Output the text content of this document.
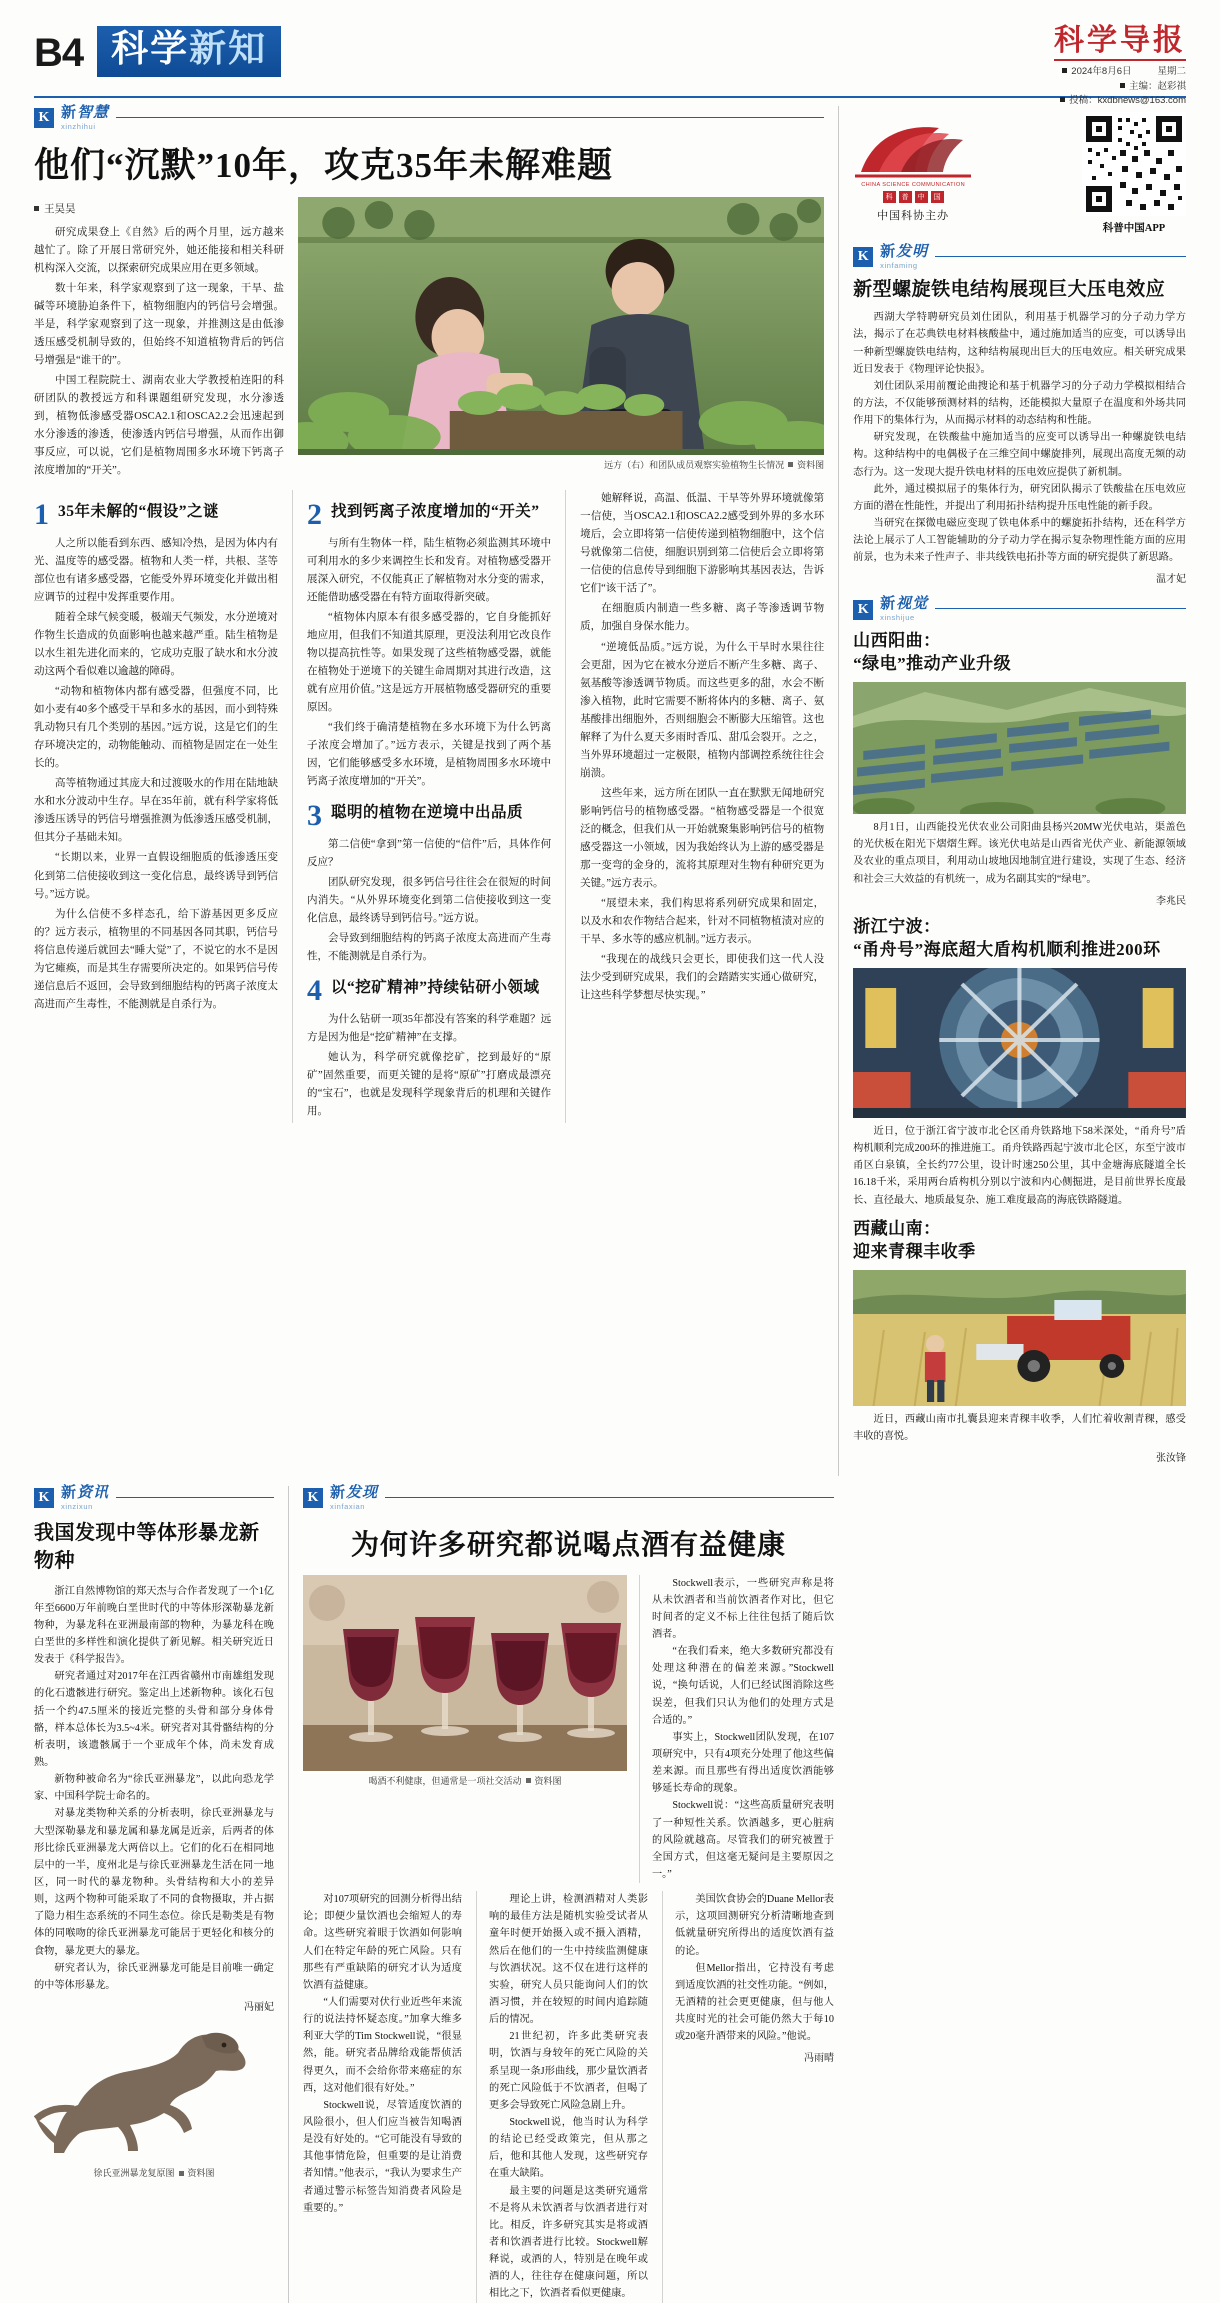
B4 科学新知	科学导报
2024年8月6日	星期二
主编：赵彩祺
投稿：kxdbnews@163.com
K 新智慧
xinzhihui
他们“沉默”10年，攻克35年未解难题
王昊昊

研究成果登上《自然》后的两个月里，远方越来越忙了。除了开展日常研究外，她还能接和相关科研机构深入交流，以探索研究成果应用在更多领域。

数十年来，科学家观察到了这一现象，干旱、盐碱等环境胁迫条件下，植物细胞内的钙信号会增强。半是，科学家观察到了这一现象，并推测这是由低渗透压感受机制导致的，但始终不知道植物背后的钙信号增强是“谁干的”。

中国工程院院士、湖南农业大学教授柏连阳的科研团队的教授远方和科课题组研究发现，水分渗透到，植物低渗感受器OSCA2.1和OSCA2.2会迅速起到水分渗透的渗透，使渗透内钙信号增强，从而作出御事反应，可以说，它们是植物周围多水环境下钙离子浓度增加的“开关”。

远方（右）和团队成员观察实验植物生长情况 资料图
1 35年未解的“假设”之谜

人之所以能看到东西、感知冷热，是因为体内有光、温度等的感受器。植物和人类一样，共根、茎等部位也有诸多感受器，它能受外界环境变化并做出相应调节的过程中发挥重要作用。

随着全球气候变暖，极端天气频发，水分逆境对作物生长造成的负面影响也越来越严重。陆生植物是以水生祖先进化而来的，它成功克服了缺水和水分波动这两个看似难以逾越的障碍。

“动物和植物体内都有感受器，但强度不同，比如小麦有40多个感受干旱和多水的基因，而小到特殊乳动物只有几个类别的基因。”远方说，这是它们的生存环境决定的，动物能触动、而植物是固定在一处生长的。

高等植物通过其庞大和过渡吸水的作用在陆地缺水和水分波动中生存。早在35年前，就有科学家将低渗透压诱导的钙信号增强推测为低渗透压感受机制，但其分子基础未知。

“长期以来，业界一直假设细胞质的低渗透压变化到第二信使接收到这一变化信息，最终诱导到钙信号。”远方说。

为什么信使不多样态孔，给下游基因更多反应的？远方表示，植物里的不同基因各同其职，钙信号将信息传递后就回去“睡大觉”了，不说它的水不是因为它瘫痪，而是其生存需要所决定的。如果钙信号传递信息后不返回，会导致到细胞结构的钙离子浓度太高进而产生毒性，不能测就是自杀行为。

2 找到钙离子浓度增加的“开关”

与所有生物体一样，陆生植物必须监测其环境中可利用水的多少来调控生长和发育。对植物感受器开展深入研究，不仅能真正了解植物对水分变的需求，还能借助感受器在有特方面取得新突破。

“植物体内原本有很多感受器的，它自身能抓好地应用，但我们不知道其原理，更没法利用它改良作物以提高抗性等。如果发现了这些植物感受器，就能在植物处于逆境下的关键生命周期对其进行改造，这就有应用价值。”这是远方开展植物感受器研究的重要原因。

“我们终于确清楚植物在多水环境下为什么钙离子浓度会增加了。”远方表示，关键是找到了两个基因，它们能够感受多水环境，是植物周围多水环境中钙离子浓度增加的“开关”。

3 聪明的植物在逆境中出品质

第二信使“拿到”第一信使的“信件”后，具体作何反应？

团队研究发现，很多钙信号往往会在很短的时间内消失。“从外界环境变化到第二信使接收到这一变化信息，最终诱导到钙信号。”远方说。

会导致到细胞结构的钙离子浓度太高进而产生毒性，不能测就是自杀行为。

4 以“挖矿精神”持续钻研小领域

为什么钻研一项35年都没有答案的科学难题？远方是因为他是“挖矿精神”在支撑。

她认为，科学研究就像挖矿，挖到最好的“原矿”固然重要，而更关键的是将“原矿”打磨成最漂亮的“宝石”，也就是发现科学现象背后的机理和关键作用。

她解释说，高温、低温、干旱等外界环境就像第一信使，当OSCA2.1和OSCA2.2感受到外界的多水环境后，会立即将第一信使传递到植物细胞中，这个信号就像第二信使，细胞识别到第二信使后会立即将第一信使的信息传导到细胞下游影响其基因表达，告诉它们“该干活了”。

在细胞质内制造一些多糖、离子等渗透调节物质，加强自身保水能力。

“逆境低品质。”远方说，为什么干旱时水果往往会更甜，因为它在被水分逆后不断产生多糖、离子、氨基酸等渗透调节物质。而这些更多的甜，水会不断渗入植物，此时它需要不断将体内的多糖、离子、氨基酸排出细胞外，否则细胞会不断膨大压缩管。这也解释了为什么夏天多雨时香瓜、甜瓜会裂开。之之，当外界环境超过一定极限，植物内部调控系统往往会崩溃。

这些年来，远方所在团队一直在默默无闻地研究影响钙信号的植物感受器。“植物感受器是一个很宽泛的概念，但我们从一开始就聚集影响钙信号的植物感受器这一小领域，因为我始终认为上游的感受器是那一变弯的金身的，流将其原理对生物有种研究更为关键。”远方表示。

“展望未来，我们构思将系列研究成果和固定，以及水和农作物结合起来，针对不同植物植渍对应的干旱、多水等的感应机制。”远方表示。

“我现在的战线只会更长，即使我们这一代人没法少受到研究成果，我们的会踏踏实实通心做研究，让这些科学梦想尽快实现。”

CHINA SCIENCE COMMUNICATION
科	普	中	国
中国科协主办
科普中国APP
K 新发明
xinfaming
新型螺旋铁电结构展现巨大压电效应

西湖大学特聘研究员刘仕团队，利用基于机器学习的分子动力学方法，揭示了在芯典铁电材料核酸盐中，通过施加适当的应变，可以诱导出一种新型螺旋铁电结构，这种结构展现出巨大的压电效应。相关研究成果近日发表于《物理评论快报》。

刘仕团队采用前覆论曲搜论和基于机器学习的分子动力学模拟相结合的方法，不仅能够预测材料的结构，还能模拟大量原子在温度和外场共同作用下的集体行为，从而揭示材料的动态结构和性能。

研究发现，在铁酸盐中施加适当的应变可以诱导出一种螺旋铁电结构。这种结构中的电偶极子在三维空间中螺旋排列，展现出高度无频的动态行为。这一发现大提升铁电材料的压电效应提供了新机制。

此外，通过模拟屈子的集体行为，研究团队揭示了铁酸盐在压电效应方面的潜在性能性，并提出了利用拓扑结构提升压电性能的新手段。

当研究在探微电磁应变现了铁电体系中的螺旋拓扑结构，还在科学方法论上展示了人工智能辅助的分子动力学在揭示复杂物理性能方面的应用前景，也为未来子性声子、非共线铁电拓扑等方面的研究提供了新思路。

温才妃
K 新视觉
xinshijue
山西阳曲：
“绿电”推动产业升级

8月1日，山西能投光伏农业公司阳曲县杨兴20MW光伏电站，渠盖色的光伏板在阳光下熠熠生辉。该光伏电站是山西省光伏产业、新能源领域及农业的重点项目，利用动山坡地因地制宜进行建设，实现了生态、经济和社会三大效益的有机统一，成为名副其实的“绿电”。

李兆民
浙江宁波：
“甬舟号”海底超大盾构机顺利推进200环

近日，位于浙江省宁波市北仑区甬舟铁路地下58米深处，“甬舟号”盾构机顺利完成200环的推进施工。甬舟铁路西起宁波市北仑区，东至宁波市甬区白泉镇，全长约77公里，设计时速250公里，其中金塘海底隧道全长16.18千米，采用两台盾构机分别以宁波和内心侧掘进，是目前世界长度最长、直径最大、地质最复杂、施工难度最高的海底铁路隧道。

西藏山南：
迎来青稞丰收季

近日，西藏山南市扎囊县迎来青稞丰收季，人们忙着收割青稞，感受丰收的喜悦。

张汝锋
K 新资讯
xinzixun
我国发现中等体形暴龙新物种

浙江自然博物馆的郑天杰与合作者发现了一个1亿年至6600万年前晚白垩世时代的中等体形深勒暴龙新物种，为暴龙科在亚洲最南部的物种，为暴龙科在晚白垩世的多样性和演化提供了新见解。相关研究近日发表于《科学报告》。

研究者通过对2017年在江西省赣州市南雄组发现的化石遗骸进行研究。鉴定出上述新物种。该化石包括一个约47.5厘米的接近完整的头骨和部分身体骨骼，样本总体长为3.5~4米。研究者对其骨骼结构的分析表明，该遗骸属于一个亚成年个体，尚未发育成熟。

新物种被命名为“徐氏亚洲暴龙”，以此向恐龙学家、中国科学院士命名的。

对暴龙类物种关系的分析表明，徐氏亚洲暴龙与大型深勒暴龙和暴龙属和暴龙属是近亲，后两者的体形比徐氏亚洲暴龙大两倍以上。它们的化石在相同地层中的一半，度州北是与徐氏亚洲暴龙生活在同一地区，同一时代的暴龙物种。头骨结构和大小的差异则，这两个物种可能采取了不同的食物摄取，并占据了隐力相生态系统的不同生态位。徐氏是勒类是有物体的同喉吻的徐氏亚洲暴龙可能居于更轻化和核分的食物，暴龙更大的暴龙。

研究者认为，徐氏亚洲暴龙可能是目前唯一确定的中等体形暴龙。

冯丽妃
徐氏亚洲暴龙复原图 资料图
K 新发现
xinfaxian
为何许多研究都说喝点酒有益健康
喝酒不利健康，但通常是一项社交活动 资料图

Stockwell表示，一些研究声称是将从未饮酒者和当前饮酒者作对比，但它时间者的定义不标上往往包括了随后饮酒者。

“在我们看来，绝大多数研究都没有处理这种潜在的偏差来源。”Stockwell说，“换句话说，人们已经试图消除这些误差，但我们只认为他们的处理方式是合适的。”

事实上，Stockwell团队发现，在107项研究中，只有4项充分处理了他这些偏差来源。而且那些有得出适度饮酒能够够延长寿命的现象。

Stockwell说：“这些高质量研究表明了一种短性关系。饮酒越多，更心脏病的风险就越高。尽管我们的研究被置于全国方式，但这毫无疑问是主要原因之一。”

对107项研究的回测分析得出结论；即便少量饮酒也会缩短人的寿命。这些研究着眼于饮酒如何影响人们在特定年龄的死亡风险。只有那些有严重缺陷的研究才认为适度饮酒有益健康。

“人们需要对伏行业近些年来流行的说法持怀疑态度。”加拿大维多利亚大学的Tim Stockwell说，“很显然，能。研究者品牌给戏能帮侦活得更久，而不会给你带来癌症的东西，这对他们很有好处。”

Stockwell说，尽管适度饮酒的风险很小，但人们应当被告知喝酒是没有好处的。“它可能没有导致的其他事情危险，但重要的是让消费者知情。”他表示，“我认为要求生产者通过警示标签告知消费者风险是重要的。”

理论上讲，检测酒精对人类影响的最佳方法是随机实验受试者从童年时便开始摄入或不摄入酒精，然后在他们的一生中持续监测健康与饮酒状况。这不仅在进行这样的实验，研究人员只能询问人们的饮酒习惯，并在较短的时间内追踪随后的情况。

21世纪初，许多此类研究表明，饮酒与身较年的死亡风险的关系呈现一条J形曲线，那少量饮酒者的死亡风险低于不饮酒者，但喝了更多会导致死亡风险急剧上升。

Stockwell说，他当时认为科学的结论已经受政策完，但从那之后，他和其他人发现，这些研究存在重大缺陷。

最主要的问题是这类研究通常不是将从未饮酒者与饮酒者进行对比。相反，许多研究其实是将或酒者和饮酒者进行比较。Stockwell解释说，或酒的人，特别是在晚年或酒的人，往往存在健康问题，所以相比之下，饮酒者看似更健康。

美国饮食协会的Duane Mellor表示，这项回测研究分析清晰地查到低就量研究所得出的适度饮酒有益的论。

但Mellor指出，它持没有考虑到适度饮酒的社交性功能。“例如，无酒精的社会更更健康，但与他人共度时光的社会可能仍然大于每10或20毫升酒带来的风险。”他说。

冯雨晴
